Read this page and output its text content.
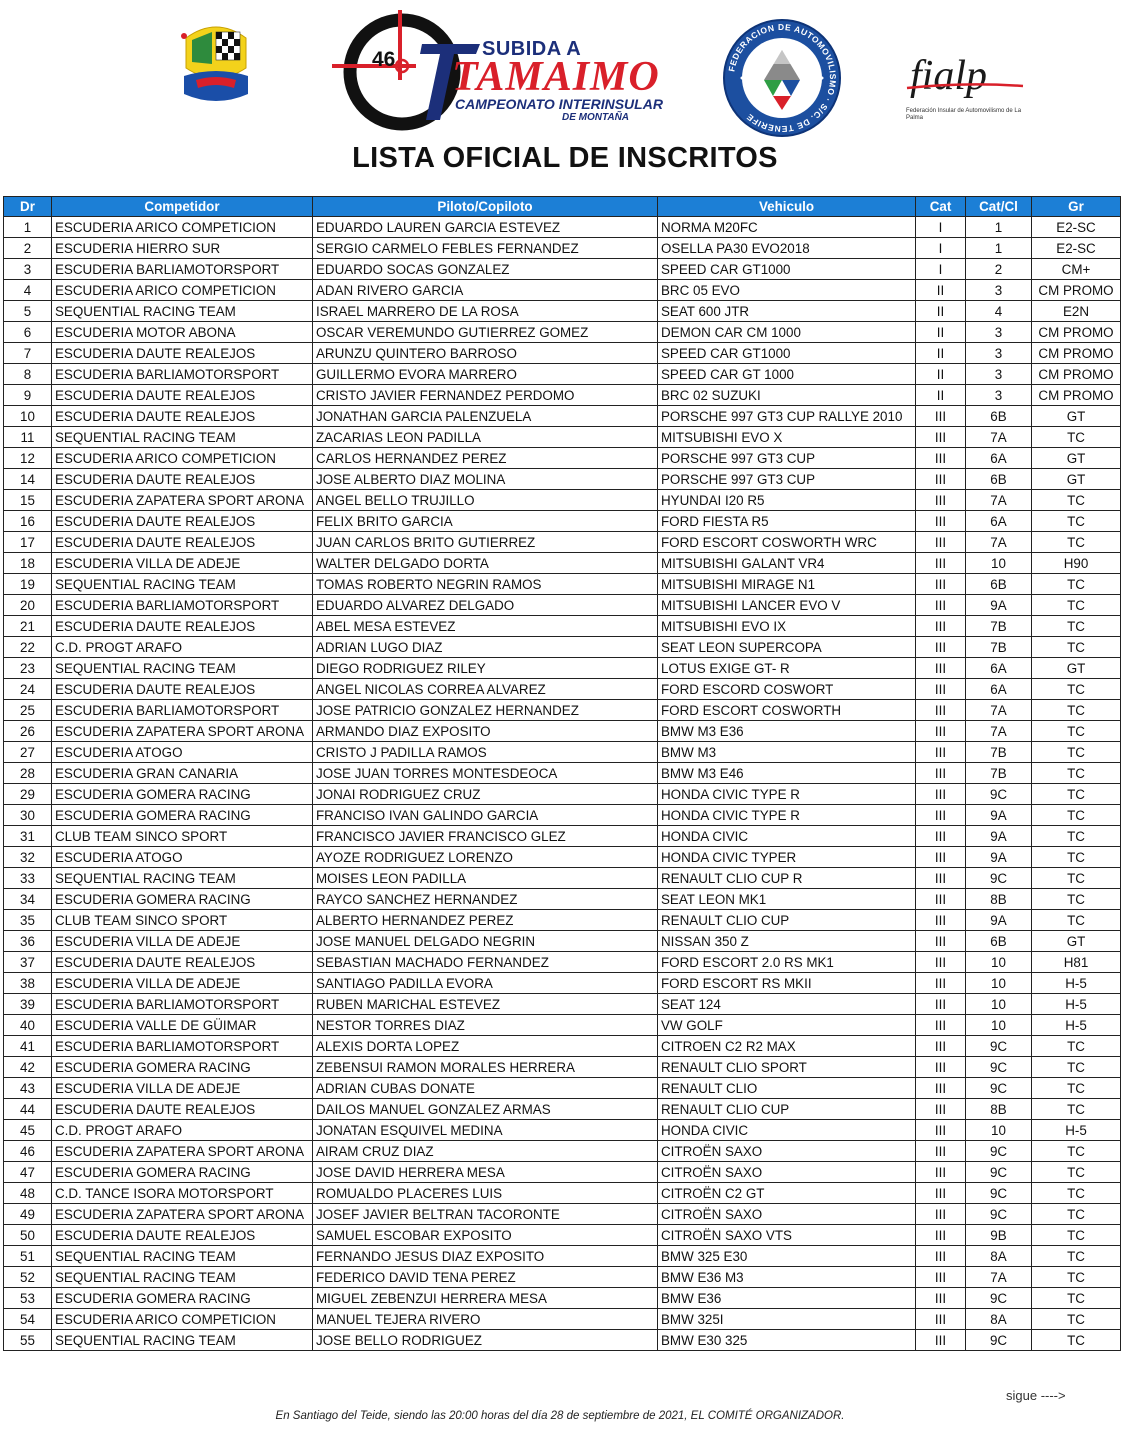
46	SUBIDA A
TAMAIMO
CAMPEONATO INTERINSULAR
DE MONTAÑA
FEDERACION DE AUTOMOVILISMO · S/C. DE TENERIFE
fialp
Federación Insular de Automovilismo de La Palma
LISTA OFICIAL DE INSCRITOS
Dr	Competidor	Piloto/Copiloto	Vehiculo	Cat	Cat/Cl	Gr
1	ESCUDERIA ARICO COMPETICION	EDUARDO LAUREN GARCIA ESTEVEZ	NORMA M20FC	I	1	E2-SC
2	ESCUDERIA HIERRO SUR	SERGIO CARMELO FEBLES FERNANDEZ	OSELLA PA30 EVO2018	I	1	E2-SC
3	ESCUDERIA BARLIAMOTORSPORT	EDUARDO SOCAS GONZALEZ	SPEED CAR GT1000	I	2	CM+
4	ESCUDERIA ARICO COMPETICION	ADAN RIVERO GARCIA	BRC 05 EVO	II	3	CM PROMO
5	SEQUENTIAL RACING TEAM	ISRAEL MARRERO DE LA ROSA	SEAT 600 JTR	II	4	E2N
6	ESCUDERIA MOTOR ABONA	OSCAR VEREMUNDO GUTIERREZ GOMEZ	DEMON CAR CM 1000	II	3	CM PROMO
7	ESCUDERIA DAUTE REALEJOS	ARUNZU QUINTERO BARROSO	SPEED CAR GT1000	II	3	CM PROMO
8	ESCUDERIA BARLIAMOTORSPORT	GUILLERMO EVORA MARRERO	SPEED CAR GT 1000	II	3	CM PROMO
9	ESCUDERIA DAUTE REALEJOS	CRISTO JAVIER FERNANDEZ PERDOMO	BRC 02 SUZUKI	II	3	CM PROMO
10	ESCUDERIA DAUTE REALEJOS	JONATHAN GARCIA PALENZUELA	PORSCHE 997 GT3 CUP RALLYE 2010	III	6B	GT
11	SEQUENTIAL RACING TEAM	ZACARIAS LEON PADILLA	MITSUBISHI EVO X	III	7A	TC
12	ESCUDERIA ARICO COMPETICION	CARLOS HERNANDEZ PEREZ	PORSCHE 997 GT3 CUP	III	6A	GT
14	ESCUDERIA DAUTE REALEJOS	JOSE ALBERTO DIAZ MOLINA	PORSCHE 997 GT3 CUP	III	6B	GT
15	ESCUDERIA ZAPATERA SPORT ARONA	ANGEL BELLO TRUJILLO	HYUNDAI I20 R5	III	7A	TC
16	ESCUDERIA DAUTE REALEJOS	FELIX BRITO GARCIA	FORD FIESTA R5	III	6A	TC
17	ESCUDERIA DAUTE REALEJOS	JUAN CARLOS BRITO GUTIERREZ	FORD ESCORT COSWORTH WRC	III	7A	TC
18	ESCUDERIA VILLA DE ADEJE	WALTER DELGADO DORTA	MITSUBISHI GALANT VR4	III	10	H90
19	SEQUENTIAL RACING TEAM	TOMAS ROBERTO NEGRIN RAMOS	MITSUBISHI MIRAGE N1	III	6B	TC
20	ESCUDERIA BARLIAMOTORSPORT	EDUARDO ALVAREZ DELGADO	MITSUBISHI LANCER EVO V	III	9A	TC
21	ESCUDERIA DAUTE REALEJOS	ABEL MESA ESTEVEZ	MITSUBISHI EVO IX	III	7B	TC
22	C.D. PROGT ARAFO	ADRIAN LUGO DIAZ	SEAT LEON SUPERCOPA	III	7B	TC
23	SEQUENTIAL RACING TEAM	DIEGO RODRIGUEZ RILEY	LOTUS EXIGE GT- R	III	6A	GT
24	ESCUDERIA DAUTE REALEJOS	ANGEL NICOLAS CORREA ALVAREZ	FORD ESCORD COSWORT	III	6A	TC
25	ESCUDERIA BARLIAMOTORSPORT	JOSE PATRICIO GONZALEZ HERNANDEZ	FORD ESCORT COSWORTH	III	7A	TC
26	ESCUDERIA ZAPATERA SPORT ARONA	ARMANDO DIAZ EXPOSITO	BMW M3 E36	III	7A	TC
27	ESCUDERIA ATOGO	CRISTO J PADILLA RAMOS	BMW M3	III	7B	TC
28	ESCUDERIA GRAN CANARIA	JOSE JUAN TORRES MONTESDEOCA	BMW M3 E46	III	7B	TC
29	ESCUDERIA GOMERA RACING	JONAI RODRIGUEZ CRUZ	HONDA CIVIC TYPE R	III	9C	TC
30	ESCUDERIA GOMERA RACING	FRANCISO IVAN GALINDO GARCIA	HONDA CIVIC TYPE R	III	9A	TC
31	CLUB TEAM SINCO SPORT	FRANCISCO JAVIER FRANCISCO GLEZ	HONDA CIVIC	III	9A	TC
32	ESCUDERIA ATOGO	AYOZE RODRIGUEZ LORENZO	HONDA CIVIC TYPER	III	9A	TC
33	SEQUENTIAL RACING TEAM	MOISES LEON PADILLA	RENAULT CLIO CUP R	III	9C	TC
34	ESCUDERIA GOMERA RACING	RAYCO SANCHEZ HERNANDEZ	SEAT LEON MK1	III	8B	TC
35	CLUB TEAM SINCO SPORT	ALBERTO HERNANDEZ PEREZ	RENAULT CLIO CUP	III	9A	TC
36	ESCUDERIA VILLA DE ADEJE	JOSE MANUEL DELGADO NEGRIN	NISSAN 350 Z	III	6B	GT
37	ESCUDERIA DAUTE REALEJOS	SEBASTIAN MACHADO FERNANDEZ	FORD ESCORT 2.0 RS MK1	III	10	H81
38	ESCUDERIA VILLA DE ADEJE	SANTIAGO PADILLA EVORA	FORD ESCORT RS MKII	III	10	H-5
39	ESCUDERIA BARLIAMOTORSPORT	RUBEN MARICHAL ESTEVEZ	SEAT 124	III	10	H-5
40	ESCUDERIA VALLE DE GÜIMAR	NESTOR TORRES DIAZ	VW GOLF	III	10	H-5
41	ESCUDERIA BARLIAMOTORSPORT	ALEXIS DORTA LOPEZ	CITROEN C2 R2 MAX	III	9C	TC
42	ESCUDERIA GOMERA RACING	ZEBENSUI RAMON MORALES HERRERA	RENAULT CLIO SPORT	III	9C	TC
43	ESCUDERIA VILLA DE ADEJE	ADRIAN CUBAS DONATE	RENAULT CLIO	III	9C	TC
44	ESCUDERIA DAUTE REALEJOS	DAILOS MANUEL GONZALEZ ARMAS	RENAULT CLIO CUP	III	8B	TC
45	C.D. PROGT ARAFO	JONATAN ESQUIVEL MEDINA	HONDA CIVIC	III	10	H-5
46	ESCUDERIA ZAPATERA SPORT ARONA	AIRAM CRUZ DIAZ	CITROËN SAXO	III	9C	TC
47	ESCUDERIA GOMERA RACING	JOSE DAVID HERRERA MESA	CITROËN SAXO	III	9C	TC
48	C.D. TANCE ISORA MOTORSPORT	ROMUALDO PLACERES LUIS	CITROËN C2 GT	III	9C	TC
49	ESCUDERIA ZAPATERA SPORT ARONA	JOSEF JAVIER BELTRAN TACORONTE	CITROËN SAXO	III	9C	TC
50	ESCUDERIA DAUTE REALEJOS	SAMUEL ESCOBAR EXPOSITO	CITROËN SAXO VTS	III	9B	TC
51	SEQUENTIAL RACING TEAM	FERNANDO JESUS DIAZ EXPOSITO	BMW 325 E30	III	8A	TC
52	SEQUENTIAL RACING TEAM	FEDERICO DAVID TENA PEREZ	BMW E36 M3	III	7A	TC
53	ESCUDERIA GOMERA RACING	MIGUEL ZEBENZUI HERRERA MESA	BMW E36	III	9C	TC
54	ESCUDERIA ARICO COMPETICION	MANUEL TEJERA RIVERO	BMW 325I	III	8A	TC
55	SEQUENTIAL RACING TEAM	JOSE BELLO RODRIGUEZ	BMW E30 325	III	9C	TC
sigue ---->
En Santiago del Teide, siendo las 20:00 horas del día 28 de septiembre de 2021, EL COMITÉ ORGANIZADOR.
